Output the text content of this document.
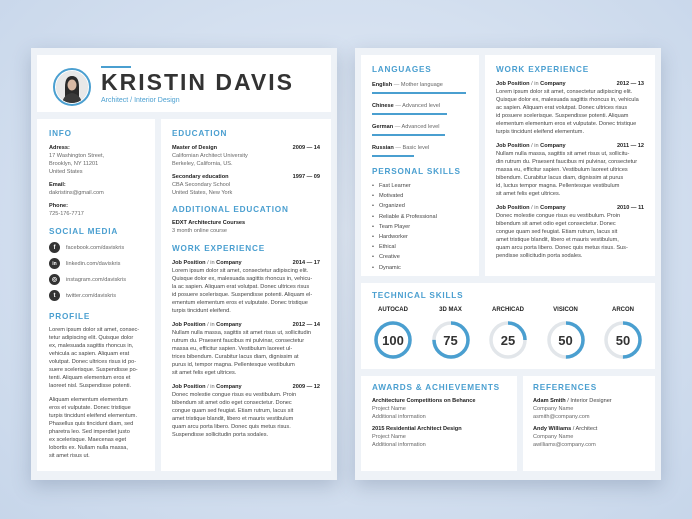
KRISTIN DAVIS
Architect / Interior Design
INFO
Adress:
17 Washington Street,
Brooklyn, NY 11201
United States
Email:
dakristins@gmail.com
Phone:
725-176-7717
SOCIAL MEDIA
f	facebook.com/daviskris
in	linkedin.com/daviskris
◎	instagram.com/daviskris
t	twitter.com/daviskris
PROFILE
Lorem ipsum dolor sit amet, consec-
tetur adipiscing elit. Quisque dolor
ex, malesuada sagittis rhoncus in,
vehicula ac sapien. Aliquam erat
volutpat. Donec ultrices risus id po-
suere scelerisque. Suspendisse po-
tenti. Aliquam elementum eros et
laoreet nisl. Suspendisse potenti.
Aliquam elementum elementum
eros et vulputate. Donec tristique
turpis tincidunt eleifend elementum.
Phasellus quis tincidunt diam, sed
pharetra leo. Sed imperdiet justo
ex scelerisque. Maecenas eget
lobortis ex. Nullam nulla massa,
sit amet risus ut.
EDUCATION
Master of Design	2009 — 14
Californian Architect University
Berkeley, California, US.
Secondary education	1997 — 09
CBA Secondary School
United States, New York
ADDITIONAL EDUCATION
EDXT Architecture Courses
3 month online course
WORK EXPERIENCE
Job Position / in Company	2014 — 17
Lorem ipsum dolor sit amet, consectetur adipiscing elit.
Quisque dolor ex, malesuada sagittis rhoncus in, vehicu-
la ac sapien. Aliquam erat volutpat. Donec ultrices risus
id posuere scelerisque. Suspendisse potenti. Aliquam el-
ementum elementum eros et vulputate. Donec tristique
turpis tincidunt eleifend.
Job Position / in Company	2012 — 14
Nullam nulla massa, sagittis sit amet risus ut, sollicitudin
rutrum du. Praesent faucibus mi pulvinar, consectetur
massa eu, efficitur sapien. Vestibulum laoreet ul-
trices bibendum. Curabitur lacus diam, dignissim at
purus id, tempor magna. Pellentesque vestibulum
sit amet felis eget ultrices.
Job Position / in Company	2009 — 12
Donec molestie congue risus eu vestibulum. Proin
bibendum sit amet odio eget consectetur. Donec
congue quam sed feugiat. Etiam rutrum, lacus sit
amet tristique blandit, libero et mauris vestibulum
quam arcu porta libero. Donec quis metus risus.
Suspendisse sollicitudin porta sodales.
LANGUAGES
English — Mother language
Chinese — Advanced level
German — Advanced level
Russian — Basic level
PERSONAL SKILLS
• Fast Learner
• Motivated
• Organized
• Reliable & Professional
• Team Player
• Hardworker
• Ethical
• Creative
• Dynamic
WORK EXPERIENCE
Job Position / in Company	2012 — 13
Lorem ipsum dolor sit amet, consectetur adipiscing elit.
Quisque dolor ex, malesuada sagittis rhoncus in, vehicula
ac sapien. Aliquam erat volutpat. Donec ultrices risus
id posuere scelerisque. Suspendisse potenti. Aliquam
elementum elementum eros et vulputate. Donec tristique
turpis tincidunt eleifend elementum.
Job Position / in Company	2011 — 12
Nullam nulla massa, sagittis sit amet risus ut, sollicitu-
din rutrum du. Praesent faucibus mi pulvinar, consectetur
massa eu, efficitur sapien. Vestibulum laoreet ultrices
bibendum. Curabitur lacus diam, dignissim at purus
id, luctus tempor magna. Pellentesque vestibulum
sit amet felis eget ultrices.
Job Position / in Company	2010 — 11
Donec molestie congue risus eu vestibulum. Proin
bibendum sit amet odio eget consectetur. Donec
congue quam sed feugiat. Etiam rutrum, lacus sit
amet tristique blandit, libero et mauris vestibulum,
quam arcu porta libero. Donec quis metus risus. Sus-
pendisse sollicitudin porta sodales.
TECHNICAL SKILLS
AUTOCAD
100
3D MAX
75
ARCHICAD
25
VISICON
50
ARCON
50
AWARDS & ACHIEVEMENTS
Architecture Competitions on Behance
Project Name
Additional information
2015 Residential Architect Design
Project Name
Additional information
REFERENCES
Adam Smith / Interior Designer
Company Name
asmith@company.com
Andy Williams / Architect
Company Name
awilliams@company.com
